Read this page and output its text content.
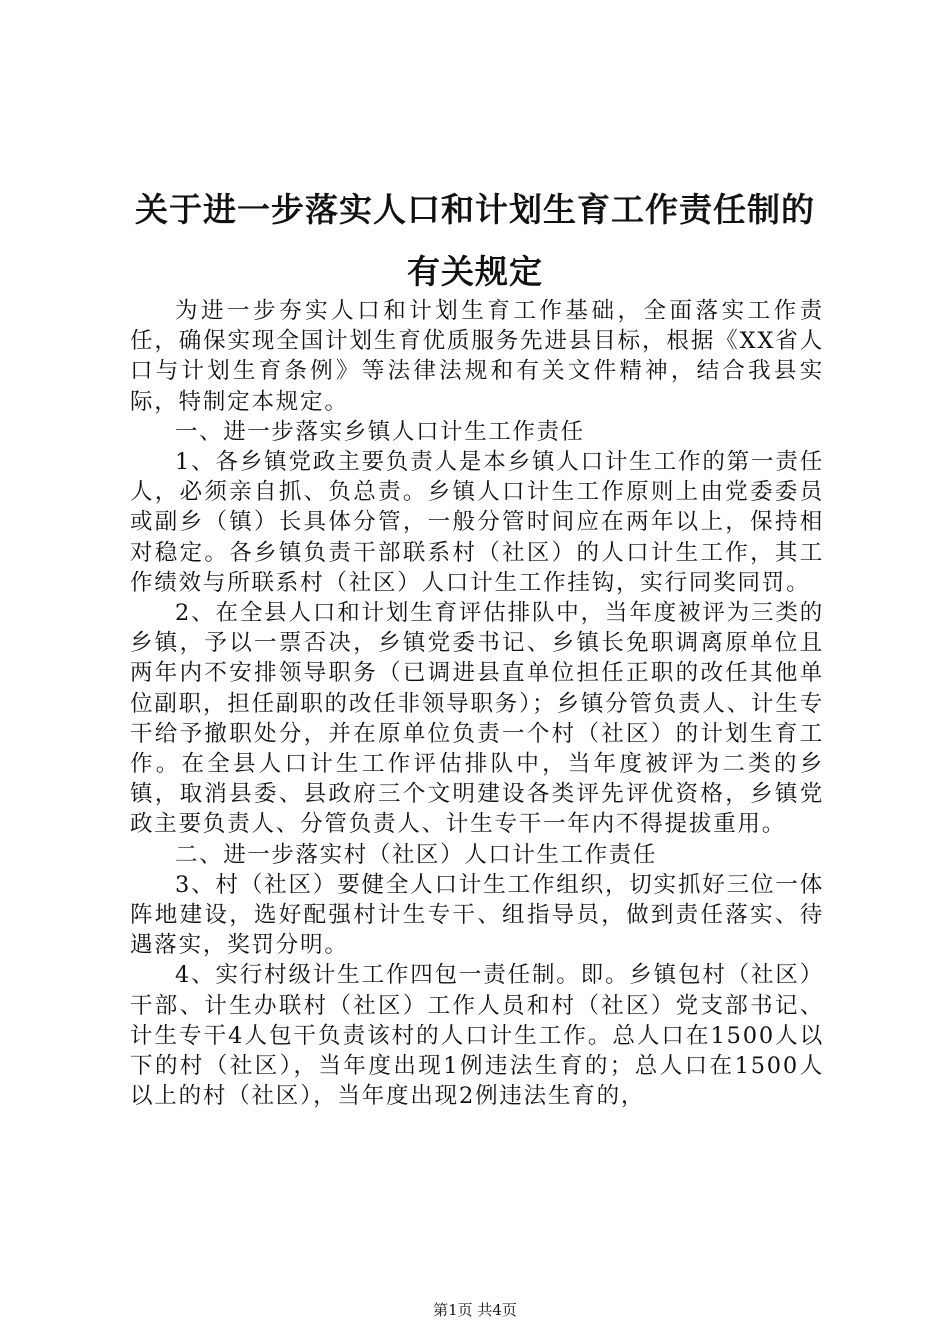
关于进一步落实人口和计划生育工作责任制的
有关规定

为进一步夯实人口和计划生育工作基础，全面落实工作责任，确保实现全国计划生育优质服务先进县目标，根据《XX省人口与计划生育条例》等法律法规和有关文件精神，结合我县实际，特制定本规定。

一、进一步落实乡镇人口计生工作责任

1、各乡镇党政主要负责人是本乡镇人口计生工作的第一责任人，必须亲自抓、负总责。乡镇人口计生工作原则上由党委委员或副乡（镇）长具体分管，一般分管时间应在两年以上，保持相对稳定。各乡镇负责干部联系村（社区）的人口计生工作，其工作绩效与所联系村（社区）人口计生工作挂钩，实行同奖同罚。

2、在全县人口和计划生育评估排队中，当年度被评为三类的乡镇，予以一票否决，乡镇党委书记、乡镇长免职调离原单位且两年内不安排领导职务（已调进县直单位担任正职的改任其他单位副职，担任副职的改任非领导职务）；乡镇分管负责人、计生专干给予撤职处分，并在原单位负责一个村（社区）的计划生育工作。在全县人口计生工作评估排队中，当年度被评为二类的乡镇，取消县委、县政府三个文明建设各类评先评优资格，乡镇党政主要负责人、分管负责人、计生专干一年内不得提拔重用。

二、进一步落实村（社区）人口计生工作责任

3、村（社区）要健全人口计生工作组织，切实抓好三位一体阵地建设，选好配强村计生专干、组指导员，做到责任落实、待遇落实，奖罚分明。

4、实行村级计生工作四包一责任制。即。乡镇包村（社区）干部、计生办联村（社区）工作人员和村（社区）党支部书记、计生专干4人包干负责该村的人口计生工作。总人口在1500人以下的村（社区），当年度出现1例违法生育的；总人口在1500人以上的村（社区），当年度出现2例违法生育的，

第1页 共4页
